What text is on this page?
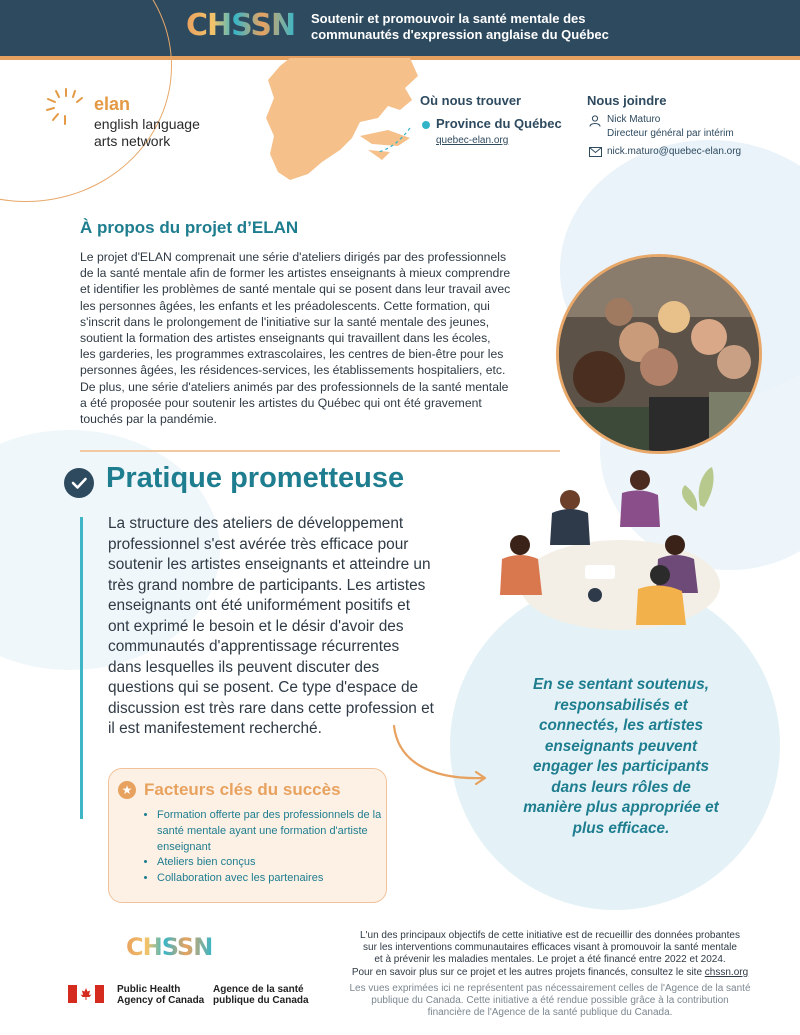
CHSSN Soutenir et promouvoir la santé mentale des
communautés d'expression anglaise du Québec
elan
english language
arts network
Où nous trouver
Province du Québec
quebec-elan.org
Nous joindre
Nick Maturo
Directeur général par intérim
nick.maturo@quebec-elan.org
À propos du projet d’ELAN
Le projet d'ELAN comprenait une série d'ateliers dirigés par des professionnels
de la santé mentale afin de former les artistes enseignants à mieux comprendre
et identifier les problèmes de santé mentale qui se posent dans leur travail avec
les personnes âgées, les enfants et les préadolescents. Cette formation, qui
s'inscrit dans le prolongement de l'initiative sur la santé mentale des jeunes,
soutient la formation des artistes enseignants qui travaillent dans les écoles,
les garderies, les programmes extrascolaires, les centres de bien-être pour les
personnes âgées, les résidences-services, les établissements hospitaliers, etc.
De plus, une série d'ateliers animés par des professionnels de la santé mentale
a été proposée pour soutenir les artistes du Québec qui ont été gravement
touchés par la pandémie.
Pratique prometteuse
La structure des ateliers de développement
professionnel s'est avérée très efficace pour
soutenir les artistes enseignants et atteindre un
très grand nombre de participants. Les artistes
enseignants ont été uniformément positifs et
ont exprimé le besoin et le désir d'avoir des
communautés d'apprentissage récurrentes
dans lesquelles ils peuvent discuter des
questions qui se posent. Ce type d'espace de
discussion est très rare dans cette profession et
il est manifestement recherché.
En se sentant soutenus,
responsabilisés et
connectés, les artistes
enseignants peuvent
engager les participants
dans leurs rôles de
manière plus appropriée et
plus efficace.
★ Facteurs clés du succès
• Formation offerte par des professionnels de la santé mentale ayant une formation d'artiste enseignant
• Ateliers bien conçus
• Collaboration avec les partenaires
CHSSN	L'un des principaux objectifs de cette initiative est de recueillir des données probantes
sur les interventions communautaires efficaces visant à promouvoir la santé mentale
et à prévenir les maladies mentales. Le projet a été financé entre 2022 et 2024.
Pour en savoir plus sur ce projet et les autres projets financés, consultez le site chssn.org
Les vues exprimées ici ne représentent pas nécessairement celles de l'Agence de la santé
publique du Canada. Cette initiative a été rendue possible grâce à la contribution
financière de l'Agence de la santé publique du Canada.
Public Health
Agency of Canada
Agence de la santé
publique du Canada
